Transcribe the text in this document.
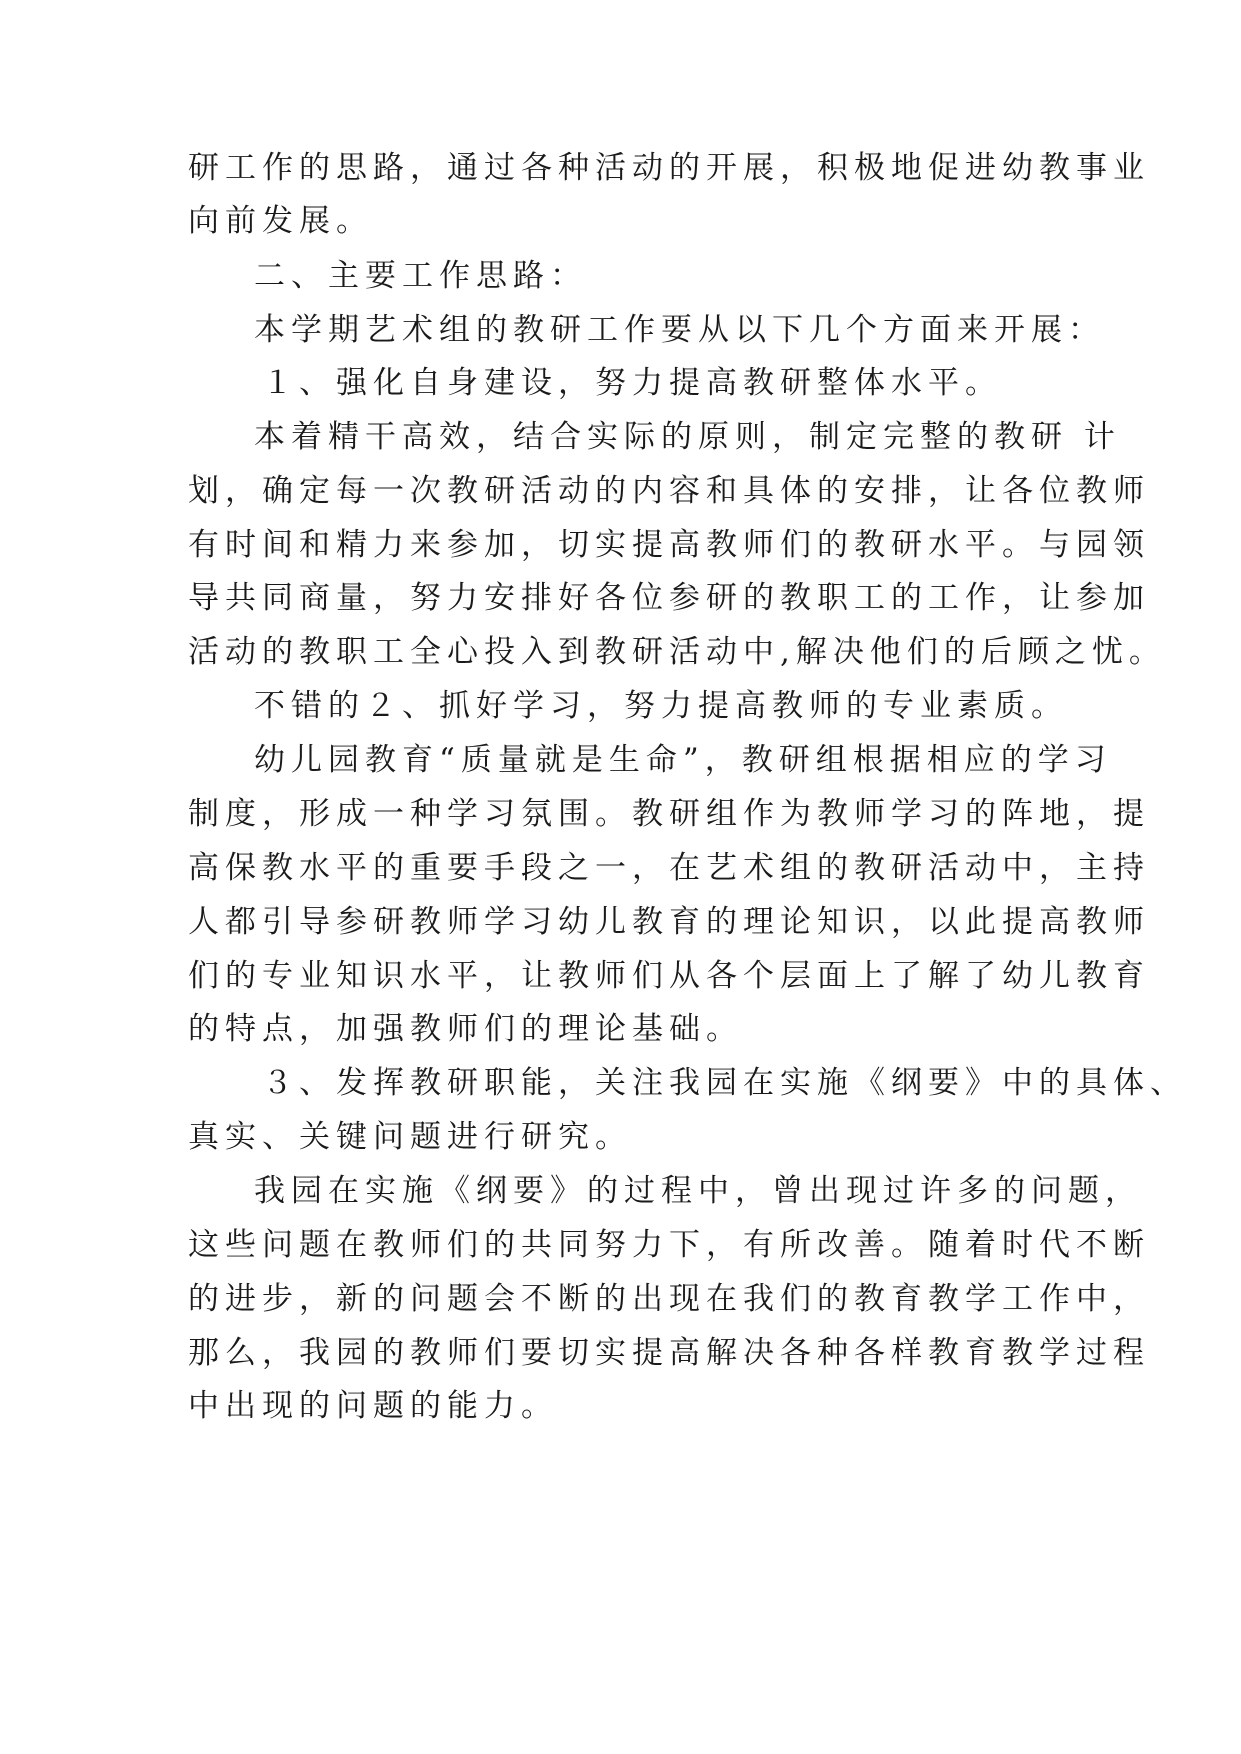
研工作的思路，通过各种活动的开展，积极地促进幼教事业
向前发展。
二、主要工作思路：
本学期艺术组的教研工作要从以下几个方面来开展：
１、强化自身建设，努力提高教研整体水平。
本着精干高效，结合实际的原则，制定完整的教研 计
划，确定每一次教研活动的内容和具体的安排，让各位教师
有时间和精力来参加，切实提高教师们的教研水平。与园领
导共同商量，努力安排好各位参研的教职工的工作，让参加
活动的教职工全心投入到教研活动中,解决他们的后顾之忧。
不错的２、抓好学习，努力提高教师的专业素质。
幼儿园教育“质量就是生命”，教研组根据相应的学习
制度，形成一种学习氛围。教研组作为教师学习的阵地，提
高保教水平的重要手段之一，在艺术组的教研活动中，主持
人都引导参研教师学习幼儿教育的理论知识，以此提高教师
们的专业知识水平，让教师们从各个层面上了解了幼儿教育
的特点，加强教师们的理论基础。
３、发挥教研职能，关注我园在实施《纲要》中的具体、
真实、关键问题进行研究。
我园在实施《纲要》的过程中，曾出现过许多的问题，
这些问题在教师们的共同努力下，有所改善。随着时代不断
的进步，新的问题会不断的出现在我们的教育教学工作中，
那么，我园的教师们要切实提高解决各种各样教育教学过程
中出现的问题的能力。
